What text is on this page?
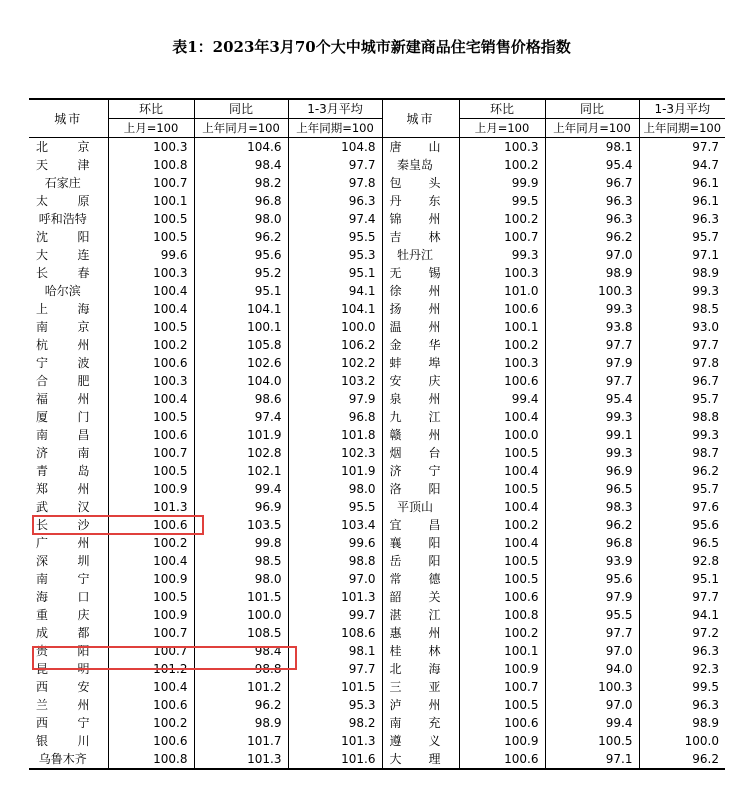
表1：2023年3月70个大中城市新建商品住宅销售价格指数
城市	环比	同比	1-3月平均	城市	环比	同比	1-3月平均
	上月=100	上年同月=100	上年同期=100		上月=100	上年同月=100	上年同期=100
北京	100.3	104.6	104.8	唐山	100.3	98.1	97.7
天津	100.8	98.4	97.7	秦皇岛	100.2	95.4	94.7
石家庄	100.7	98.2	97.8	包头	99.9	96.7	96.1
太原	100.1	96.8	96.3	丹东	99.5	96.3	96.1
呼和浩特	100.5	98.0	97.4	锦州	100.2	96.3	96.3
沈阳	100.5	96.2	95.5	吉林	100.7	96.2	95.7
大连	99.6	95.6	95.3	牡丹江	99.3	97.0	97.1
长春	100.3	95.2	95.1	无锡	100.3	98.9	98.9
哈尔滨	100.4	95.1	94.1	徐州	101.0	100.3	99.3
上海	100.4	104.1	104.1	扬州	100.6	99.3	98.5
南京	100.5	100.1	100.0	温州	100.1	93.8	93.0
杭州	100.2	105.8	106.2	金华	100.2	97.7	97.7
宁波	100.6	102.6	102.2	蚌埠	100.3	97.9	97.8
合肥	100.3	104.0	103.2	安庆	100.6	97.7	96.7
福州	100.4	98.6	97.9	泉州	99.4	95.4	95.7
厦门	100.5	97.4	96.8	九江	100.4	99.3	98.8
南昌	100.6	101.9	101.8	赣州	100.0	99.1	99.3
济南	100.7	102.8	102.3	烟台	100.5	99.3	98.7
青岛	100.5	102.1	101.9	济宁	100.4	96.9	96.2
郑州	100.9	99.4	98.0	洛阳	100.5	96.5	95.7
武汉	101.3	96.9	95.5	平顶山	100.4	98.3	97.6
长沙	100.6	103.5	103.4	宜昌	100.2	96.2	95.6
广州	100.2	99.8	99.6	襄阳	100.4	96.8	96.5
深圳	100.4	98.5	98.8	岳阳	100.5	93.9	92.8
南宁	100.9	98.0	97.0	常德	100.5	95.6	95.1
海口	100.5	101.5	101.3	韶关	100.6	97.9	97.7
重庆	100.9	100.0	99.7	湛江	100.8	95.5	94.1
成都	100.7	108.5	108.6	惠州	100.2	97.7	97.2
贵阳	100.7	98.4	98.1	桂林	100.1	97.0	96.3
昆明	101.2	98.8	97.7	北海	100.9	94.0	92.3
西安	100.4	101.2	101.5	三亚	100.7	100.3	99.5
兰州	100.6	96.2	95.3	泸州	100.5	97.0	96.3
西宁	100.2	98.9	98.2	南充	100.6	99.4	98.9
银川	100.6	101.7	101.3	遵义	100.9	100.5	100.0
乌鲁木齐	100.8	101.3	101.6	大理	100.6	97.1	96.2
